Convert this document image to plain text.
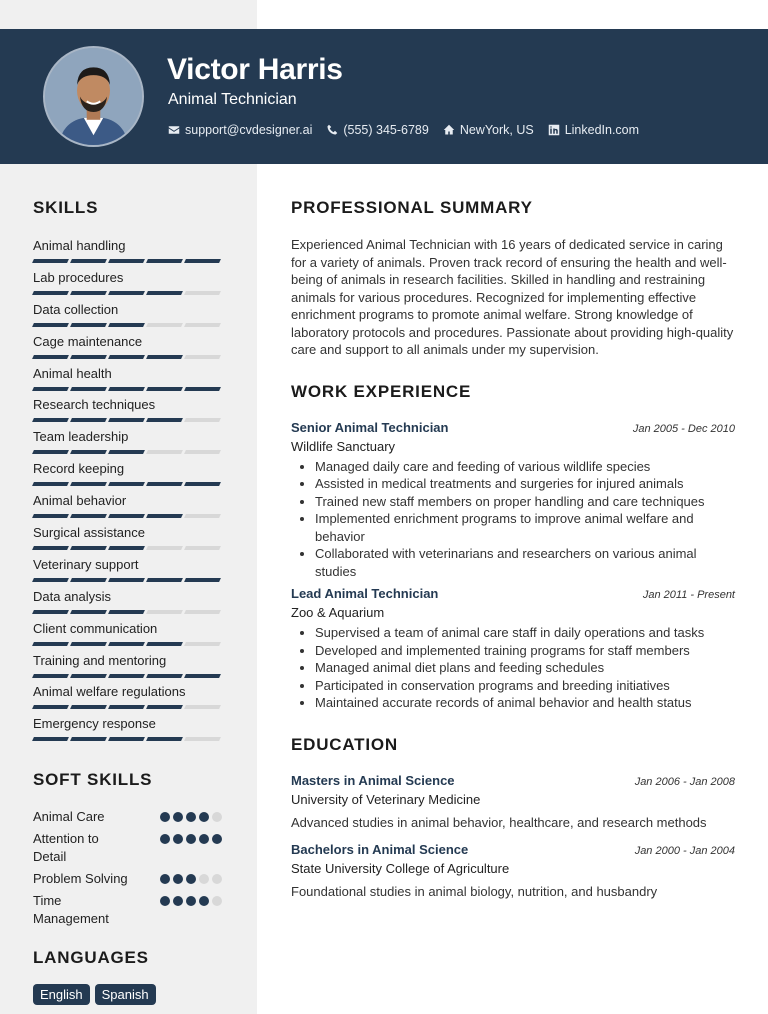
Victor Harris
Animal Technician
support@cvdesigner.ai (555) 345-6789 NewYork, US LinkedIn.com
SKILLS
Animal handling
Lab procedures
Data collection
Cage maintenance
Animal health
Research techniques
Team leadership
Record keeping
Animal behavior
Surgical assistance
Veterinary support
Data analysis
Client communication
Training and mentoring
Animal welfare regulations
Emergency response
SOFT SKILLS
Animal Care
Attention to Detail
Problem Solving
Time Management
LANGUAGES
English	Spanish
PROFESSIONAL SUMMARY

Experienced Animal Technician with 16 years of dedicated service in caring for a variety of animals. Proven track record of ensuring the health and well-being of animals in research facilities. Skilled in handling and restraining animals for various procedures. Recognized for implementing effective enrichment programs to promote animal welfare. Strong knowledge of laboratory protocols and procedures. Passionate about providing high-quality care and support to all animals under my supervision.

WORK EXPERIENCE
Senior Animal Technician	Jan 2005 - Dec 2010
Wildlife Sanctuary
• Managed daily care and feeding of various wildlife species
• Assisted in medical treatments and surgeries for injured animals
• Trained new staff members on proper handling and care techniques
• Implemented enrichment programs to improve animal welfare and behavior
• Collaborated with veterinarians and researchers on various animal studies
Lead Animal Technician	Jan 2011 - Present
Zoo & Aquarium
• Supervised a team of animal care staff in daily operations and tasks
• Developed and implemented training programs for staff members
• Managed animal diet plans and feeding schedules
• Participated in conservation programs and breeding initiatives
• Maintained accurate records of animal behavior and health status
EDUCATION
Masters in Animal Science	Jan 2006 - Jan 2008
University of Veterinary Medicine
Advanced studies in animal behavior, healthcare, and research methods
Bachelors in Animal Science	Jan 2000 - Jan 2004
State University College of Agriculture
Foundational studies in animal biology, nutrition, and husbandry
